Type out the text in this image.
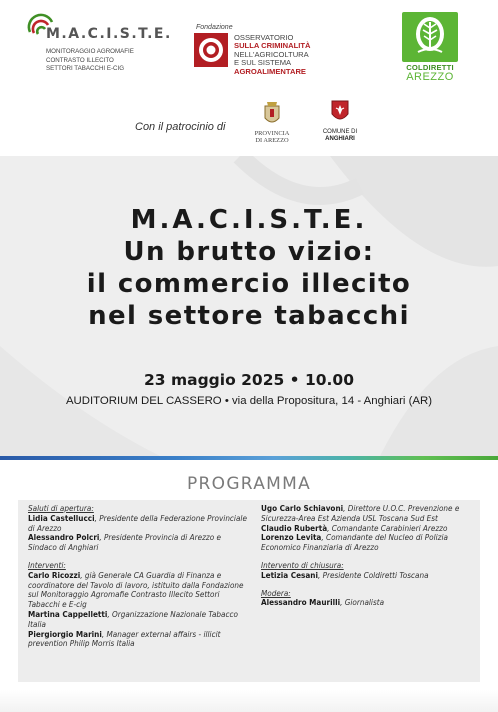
M.A.C.I.S.T.E.
MONITORAGGIO AGROMAFIE
CONTRASTO ILLECITO
SETTORI TABACCHI E-CIG
Fondazione
OSSERVATORIO
SULLA CRIMINALITÀ
NELL'AGRICOLTURA
E SUL SISTEMA
AGROALIMENTARE	COLDIRETTI
AREZZO
Con il patrocinio di
PROVINCIA
DI AREZZO
COMUNE DI
ANGHIARI
M.A.C.I.S.T.E.
Un brutto vizio:
il commercio illecito
nel settore tabacchi
23 maggio 2025 • 10.00
AUDITORIUM DEL CASSERO • via della Propositura, 14 - Anghiari (AR)
PROGRAMMA
Saluti di apertura:
Lidia Castellucci, Presidente della Federazione Provinciale di Arezzo
Alessandro Polcri, Presidente Provincia di Arezzo e Sindaco di Anghiari
Interventi:
Carlo Ricozzi, già Generale CA Guardia di Finanza e coordinatore del Tavolo di lavoro, istituito dalla Fondazione sul Monitoraggio Agromafie Contrasto Illecito Settori Tabacchi e E-cig
Martina Cappelletti, Organizzazione Nazionale Tabacco Italia
Piergiorgio Marini, Manager external affairs - illicit prevention Philip Morris Italia
Ugo Carlo Schiavoni, Direttore U.O.C. Prevenzione e Sicurezza-Area Est Azienda USL Toscana Sud Est
Claudio Rubertà, Comandante Carabinieri Arezzo
Lorenzo Levita, Comandante del Nucleo di Polizia Economico Finanziaria di Arezzo
Intervento di chiusura:
Letizia Cesani, Presidente Coldiretti Toscana
Modera:
Alessandro Maurilli, Giornalista
